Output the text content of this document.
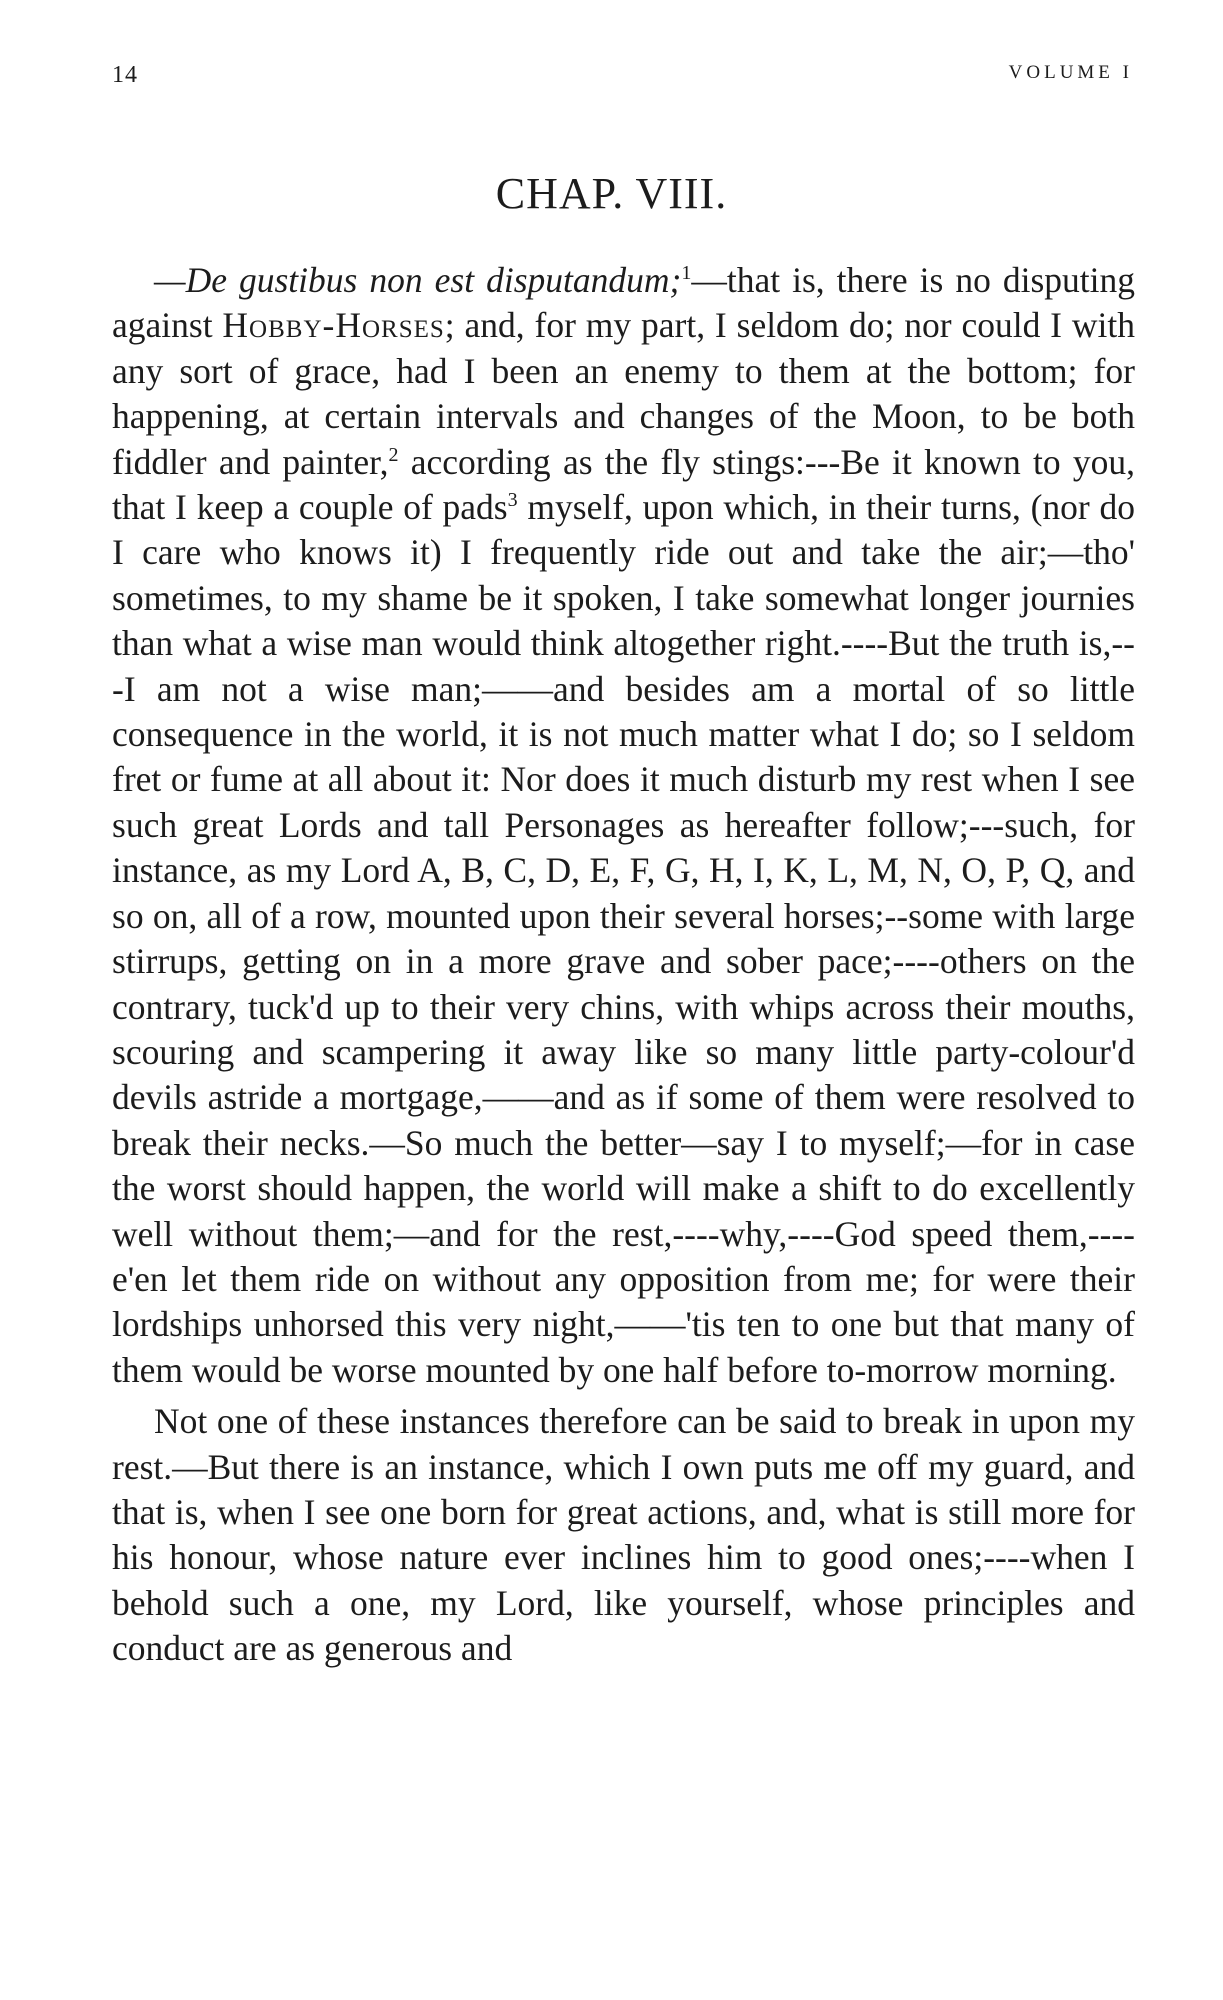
14	VOLUME I
CHAP. VIII.

—De gustibus non est disputandum;$^1$—that is, there is no disputing against Hobby-Horses; and, for my part, I seldom do; nor could I with any sort of grace, had I been an enemy to them at the bottom; for happening, at certain intervals and changes of the Moon, to be both fiddler and painter,$^2$ according as the fly stings:---Be it known to you, that I keep a couple of pads$^3$ myself, upon which, in their turns, (nor do I care who knows it) I frequently ride out and take the air;—tho' sometimes, to my shame be it spoken, I take somewhat longer journies than what a wise man would think altogether right.----But the truth is,---I am not a wise man;——and besides am a mortal of so little consequence in the world, it is not much matter what I do; so I seldom fret or fume at all about it: Nor does it much disturb my rest when I see such great Lords and tall Personages as hereafter follow;---such, for instance, as my Lord A, B, C, D, E, F, G, H, I, K, L, M, N, O, P, Q, and so on, all of a row, mounted upon their several horses;--some with large stirrups, getting on in a more grave and sober pace;----others on the contrary, tuck'd up to their very chins, with whips across their mouths, scouring and scampering it away like so many little party-colour'd devils astride a mortgage,——and as if some of them were resolved to break their necks.—So much the better—say I to myself;—for in case the worst should happen, the world will make a shift to do excellently well without them;—and for the rest,----why,----God speed them,----e'en let them ride on without any opposition from me; for were their lordships unhorsed this very night,——'tis ten to one but that many of them would be worse mounted by one half before to-morrow morning.

Not one of these instances therefore can be said to break in upon my rest.—But there is an instance, which I own puts me off my guard, and that is, when I see one born for great actions, and, what is still more for his honour, whose nature ever inclines him to good ones;----when I behold such a one, my Lord, like yourself, whose principles and conduct are as generous and
